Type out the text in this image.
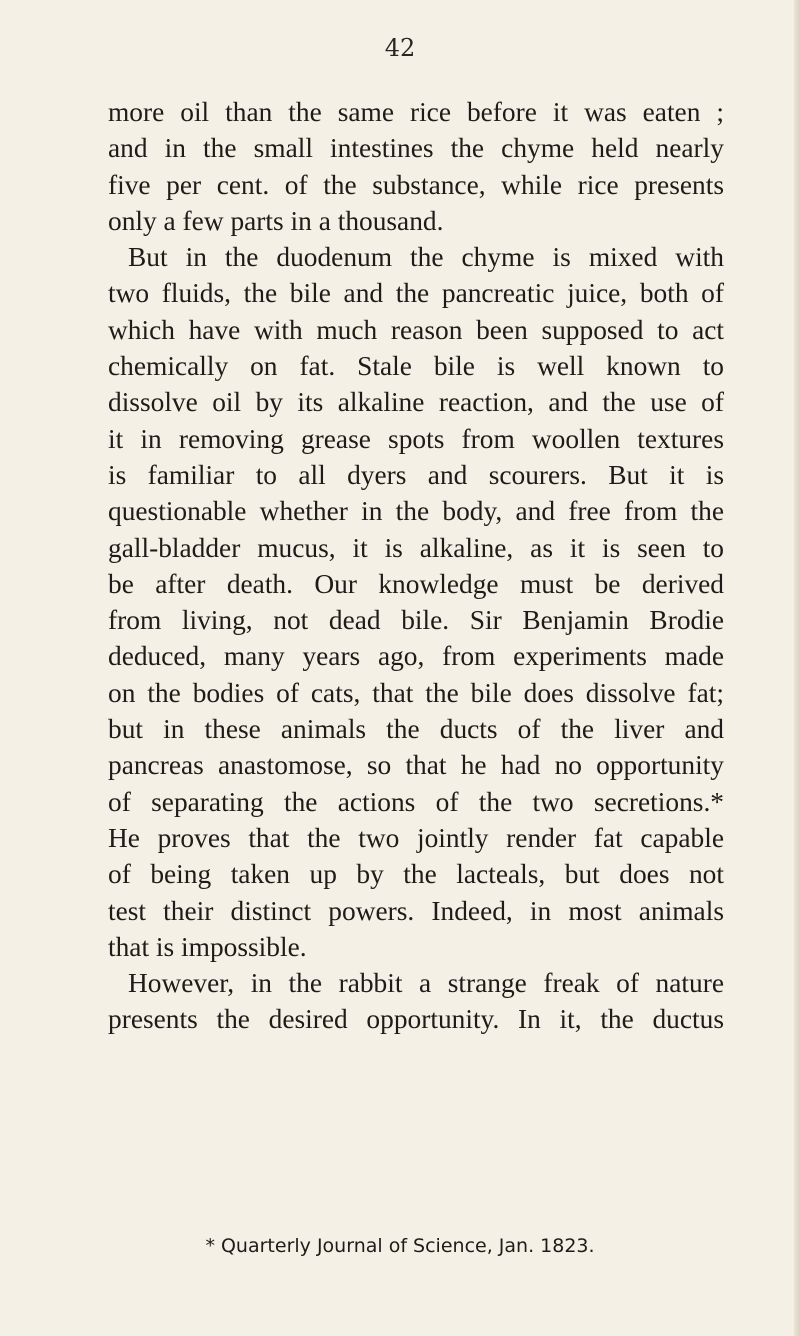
42
more oil than the same rice before it was eaten ;
and in the small intestines the chyme held nearly
five per cent. of the substance, while rice presents
only a few parts in a thousand.
But in the duodenum the chyme is mixed with
two fluids, the bile and the pancreatic juice, both of
which have with much reason been supposed to act
chemically on fat. Stale bile is well known to
dissolve oil by its alkaline reaction, and the use of
it in removing grease spots from woollen textures
is familiar to all dyers and scourers. But it is
questionable whether in the body, and free from the
gall-bladder mucus, it is alkaline, as it is seen to
be after death. Our knowledge must be derived
from living, not dead bile. Sir Benjamin Brodie
deduced, many years ago, from experiments made
on the bodies of cats, that the bile does dissolve fat;
but in these animals the ducts of the liver and
pancreas anastomose, so that he had no opportunity
of separating the actions of the two secretions.*
He proves that the two jointly render fat capable
of being taken up by the lacteals, but does not
test their distinct powers. Indeed, in most animals
that is impossible.
However, in the rabbit a strange freak of nature
presents the desired opportunity. In it, the ductus
* Quarterly Journal of Science, Jan. 1823.
